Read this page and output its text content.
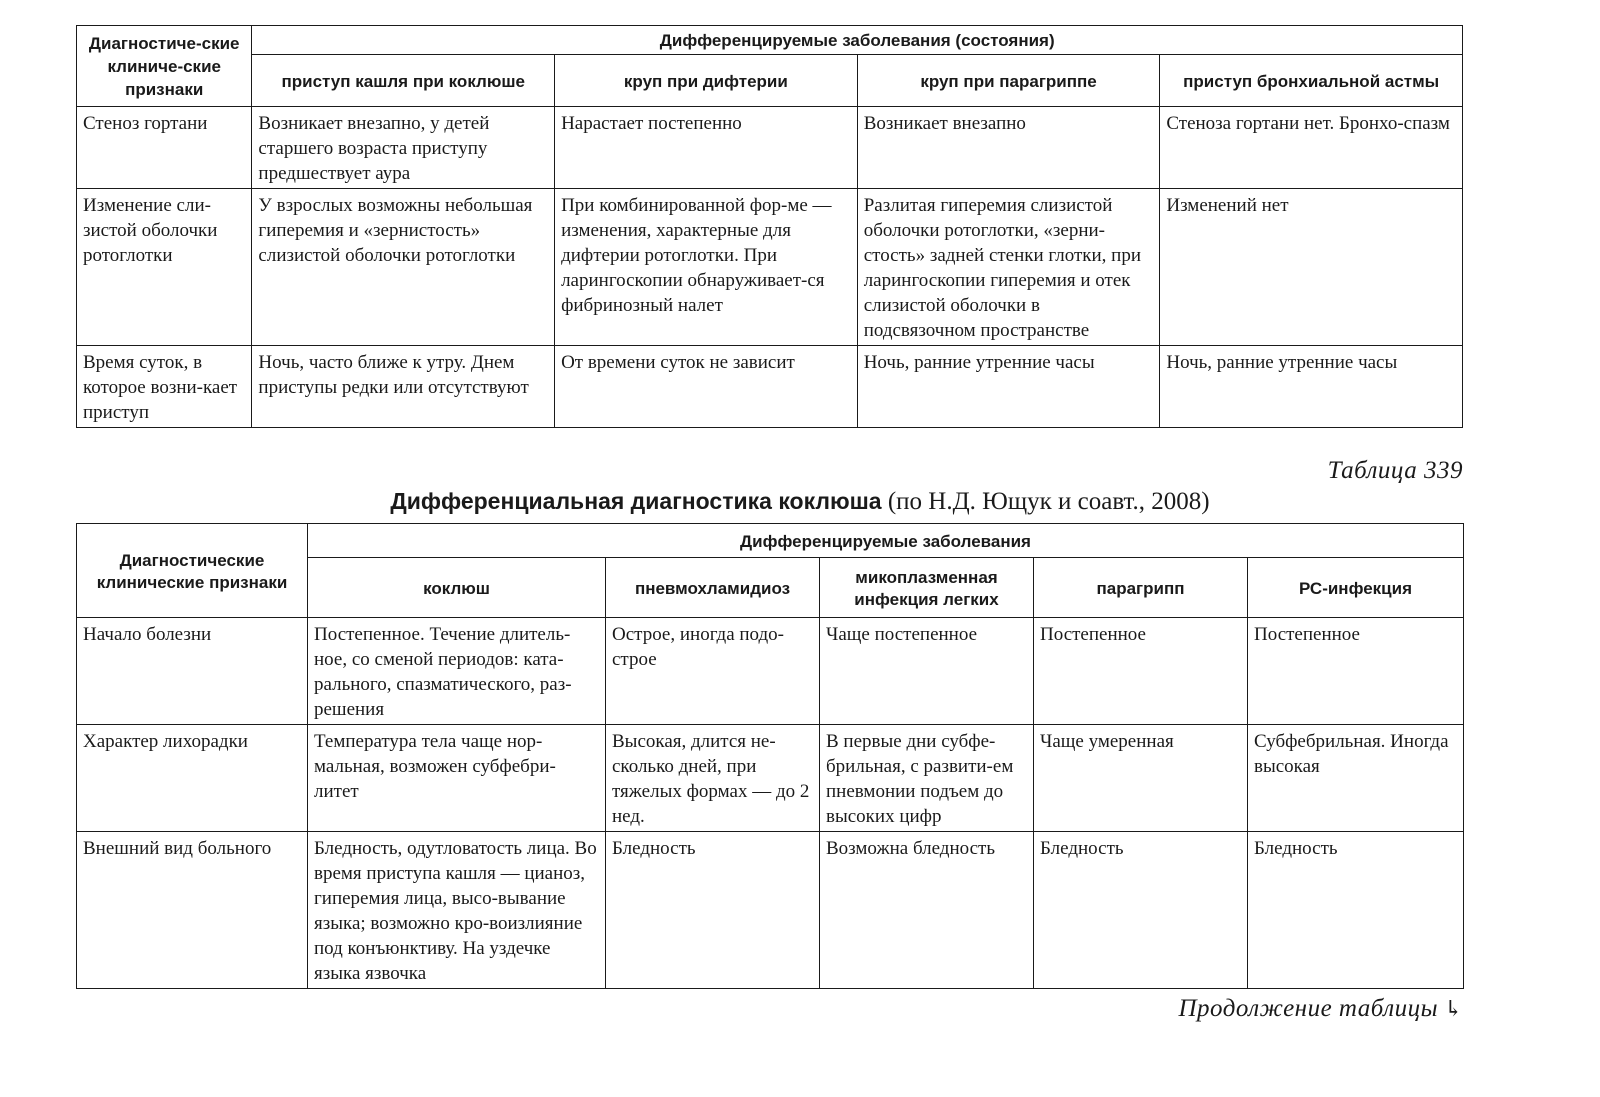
Диагностиче-ские клиниче-ские признаки	Дифференцируемые заболевания (состояния)			
	приступ кашля при коклюше	круп при дифтерии	круп при парагриппе	приступ бронхиальной астмы
Стеноз гортани	Возникает внезапно, у детей старшего возраста приступу предшествует аура	Нарастает постепенно	Возникает внезапно	Стеноза гортани нет. Бронхо-спазм
Изменение сли-зистой оболочки ротоглотки	У взрослых возможны небольшая гиперемия и «зернистость» слизистой оболочки ротоглотки	При комбинированной фор-ме — изменения, характерные для дифтерии ротоглотки. При ларингоскопии обнаруживает-ся фибринозный налет	Разлитая гиперемия слизистой оболочки ротоглотки, «зерни-стость» задней стенки глотки, при ларингоскопии гиперемия и отек слизистой оболочки в подсвязочном пространстве	Изменений нет
Время суток, в которое возни-кает приступ	Ночь, часто ближе к утру. Днем приступы редки или отсутствуют	От времени суток не зависит	Ночь, ранние утренние часы	Ночь, ранние утренние часы
Таблица 339
Дифференциальная диагностика коклюша (по Н.Д. Ющук и соавт., 2008)
Диагностические клинические признаки	Дифференцируемые заболевания				
	коклюш	пневмохламидиоз	микоплазменная инфекция легких	парагрипп	РС-инфекция
Начало болезни	Постепенное. Течение длитель-ное, со сменой периодов: ката-рального, спазматического, раз-решения	Острое, иногда подо-строе	Чаще постепенное	Постепенное	Постепенное
Характер лихорадки	Температура тела чаще нор-мальная, возможен субфебри-литет	Высокая, длится не-сколько дней, при тяжелых формах — до 2 нед.	В первые дни субфе-брильная, с развити-ем пневмонии подъем до высоких цифр	Чаще умеренная	Субфебрильная. Иногда высокая
Внешний вид больного	Бледность, одутловатость лица. Во время приступа кашля — цианоз, гиперемия лица, высо-вывание языка; возможно кро-воизлияние под конъюнктиву. На уздечке языка язвочка	Бледность	Возможна бледность	Бледность	Бледность
Продолжение таблицы ↳
